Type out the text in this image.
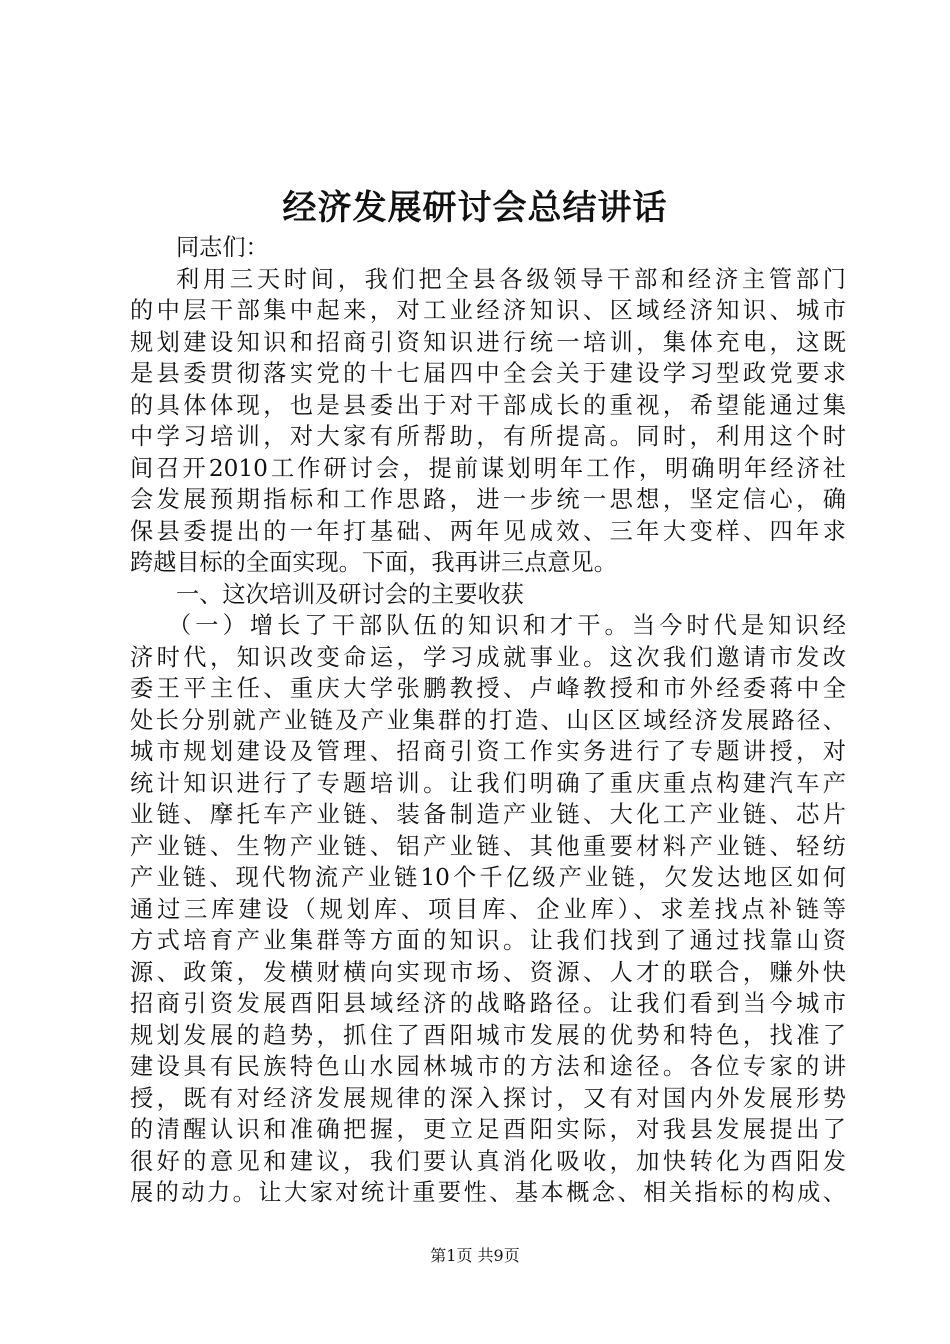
经济发展研讨会总结讲话
同志们：
利用三天时间，我们把全县各级领导干部和经济主管部门
的中层干部集中起来，对工业经济知识、区域经济知识、城市
规划建设知识和招商引资知识进行统一培训，集体充电，这既
是县委贯彻落实党的十七届四中全会关于建设学习型政党要求
的具体体现，也是县委出于对干部成长的重视，希望能通过集
中学习培训，对大家有所帮助，有所提高。同时，利用这个时
间召开2010工作研讨会，提前谋划明年工作，明确明年经济社
会发展预期指标和工作思路，进一步统一思想，坚定信心，确
保县委提出的一年打基础、两年见成效、三年大变样、四年求
跨越目标的全面实现。下面，我再讲三点意见。
一、这次培训及研讨会的主要收获
（一）增长了干部队伍的知识和才干。当今时代是知识经
济时代，知识改变命运，学习成就事业。这次我们邀请市发改
委王平主任、重庆大学张鹏教授、卢峰教授和市外经委蒋中全
处长分别就产业链及产业集群的打造、山区区域经济发展路径、
城市规划建设及管理、招商引资工作实务进行了专题讲授，对
统计知识进行了专题培训。让我们明确了重庆重点构建汽车产
业链、摩托车产业链、装备制造产业链、大化工产业链、芯片
产业链、生物产业链、铝产业链、其他重要材料产业链、轻纺
产业链、现代物流产业链10个千亿级产业链，欠发达地区如何
通过三库建设（规划库、项目库、企业库）、求差找点补链等
方式培育产业集群等方面的知识。让我们找到了通过找靠山资
源、政策，发横财横向实现市场、资源、人才的联合，赚外快
招商引资发展酉阳县域经济的战略路径。让我们看到当今城市
规划发展的趋势，抓住了酉阳城市发展的优势和特色，找准了
建设具有民族特色山水园林城市的方法和途径。各位专家的讲
授，既有对经济发展规律的深入探讨，又有对国内外发展形势
的清醒认识和准确把握，更立足酉阳实际，对我县发展提出了
很好的意见和建议，我们要认真消化吸收，加快转化为酉阳发
展的动力。让大家对统计重要性、基本概念、相关指标的构成、
第1页 共9页
